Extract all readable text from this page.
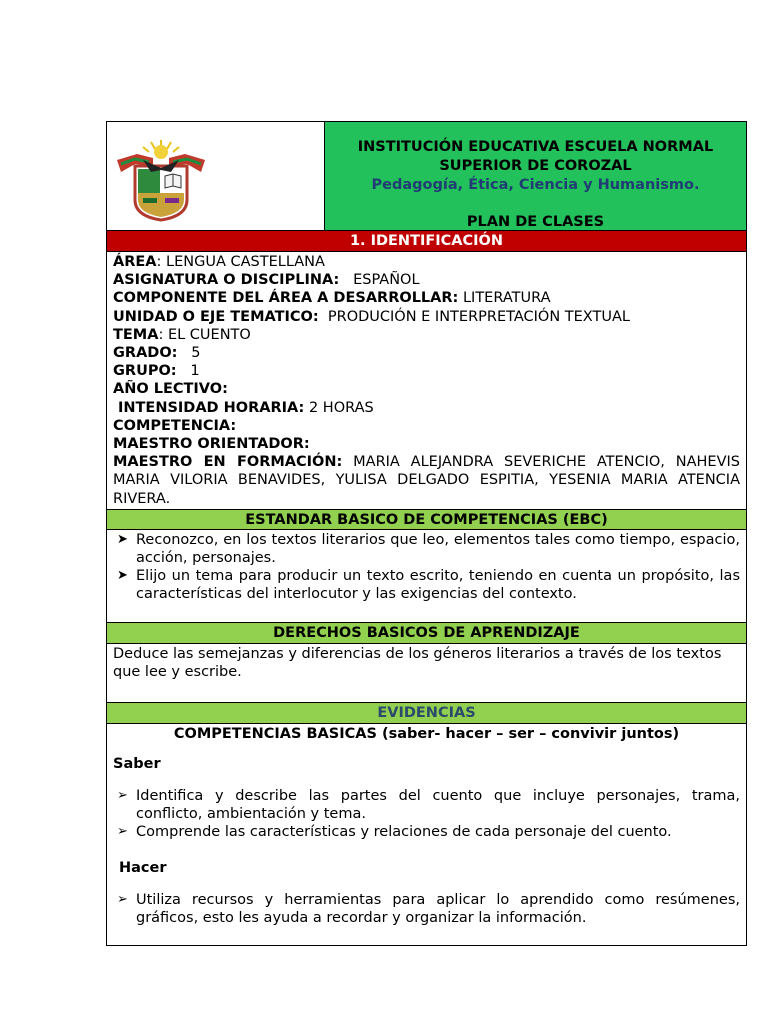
INSTITUCIÓN EDUCATIVA ESCUELA NORMAL
SUPERIOR DE COROZAL
Pedagogía, Ética, Ciencia y Humanismo.
PLAN DE CLASES
1. IDENTIFICACIÓN
ÁREA: LENGUA CASTELLANA
ASIGNATURA O DISCIPLINA:   ESPAÑOL
COMPONENTE DEL ÁREA A DESARROLLAR: LITERATURA
UNIDAD O EJE TEMATICO:  PRODUCIÓN E INTERPRETACIÓN TEXTUAL
TEMA: EL CUENTO
GRADO:   5
GRUPO:   1
AÑO LECTIVO:
INTENSIDAD HORARIA: 2 HORAS
COMPETENCIA:
MAESTRO ORIENTADOR:
MAESTRO EN FORMACIÓN: MARIA ALEJANDRA SEVERICHE ATENCIO, NAHEVIS MARIA VILORIA BENAVIDES, YULISA DELGADO ESPITIA, YESENIA MARIA ATENCIA RIVERA.
ESTANDAR BASICO DE COMPETENCIAS (EBC)
➤ Reconozco, en los textos literarios que leo, elementos tales como tiempo, espacio, acción, personajes.
➤ Elijo un tema para producir un texto escrito, teniendo en cuenta un propósito, las características del interlocutor y las exigencias del contexto.
DERECHOS BASICOS DE APRENDIZAJE
Deduce las semejanzas y diferencias de los géneros literarios a través de los textos que lee y escribe.
EVIDENCIAS
COMPETENCIAS BASICAS (saber- hacer – ser – convivir juntos)
Saber
➢ Identifica y describe las partes del cuento que incluye personajes, trama, conflicto, ambientación y tema.
➢ Comprende las características y relaciones de cada personaje del cuento.
Hacer
➢ Utiliza recursos y herramientas para aplicar lo aprendido como resúmenes, gráficos, esto les ayuda a recordar y organizar la información.
